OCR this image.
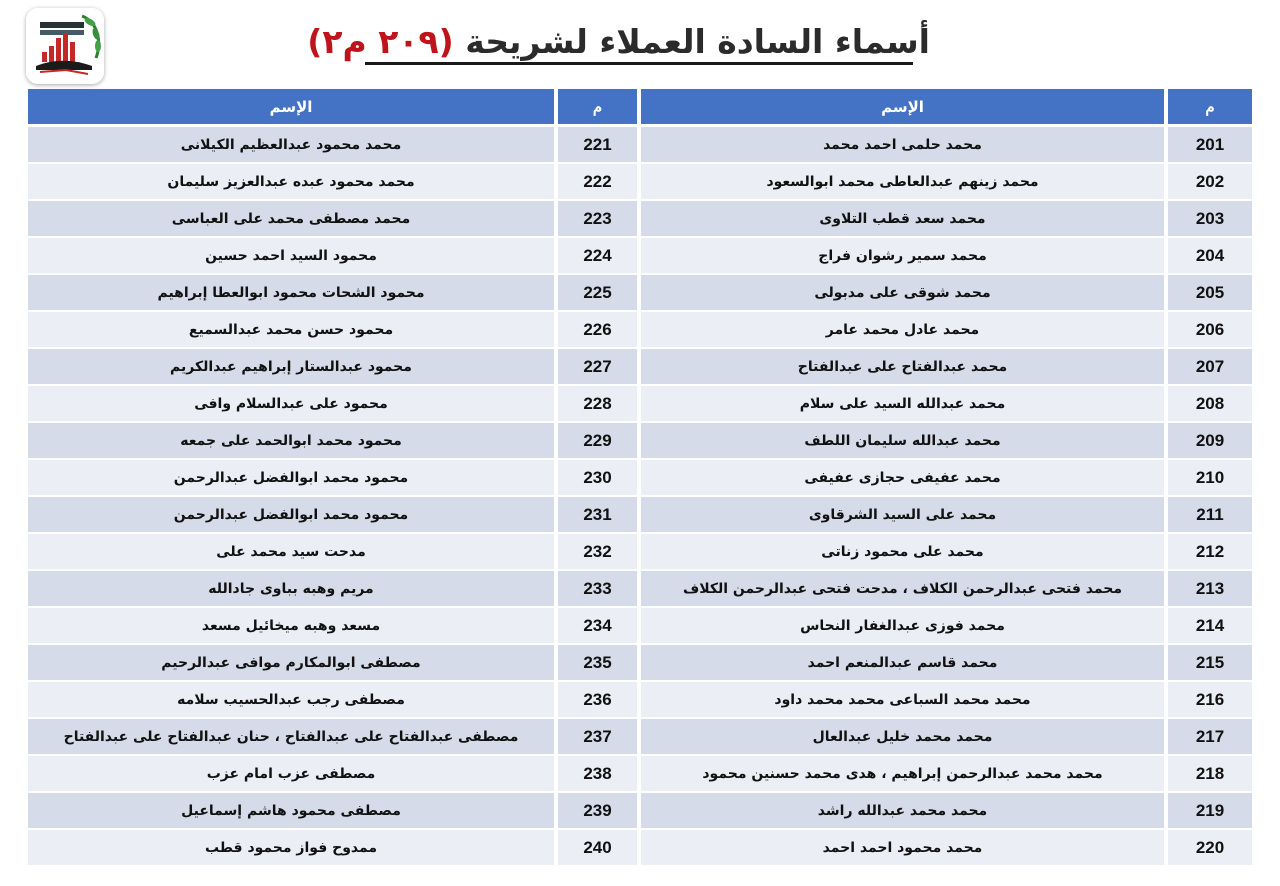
أسماء السادة العملاء لشريحة (٢٠٩ م٢)
م
الإسم
م
الإسم
201
محمد حلمى احمد محمد
221
محمد محمود عبدالعظيم الكيلانى
202
محمد زينهم عبدالعاطى محمد ابوالسعود
222
محمد محمود عبده عبدالعزيز سليمان
203
محمد سعد قطب التلاوى
223
محمد مصطفى محمد على العباسى
204
محمد سمير رشوان فراج
224
محمود السيد احمد حسين
205
محمد شوقى على مدبولى
225
محمود الشحات محمود ابوالعطا إبراهيم
206
محمد عادل محمد عامر
226
محمود حسن محمد عبدالسميع
207
محمد عبدالفتاح على عبدالفتاح
227
محمود عبدالستار إبراهيم عبدالكريم
208
محمد عبدالله السيد على سلام
228
محمود على عبدالسلام وافى
209
محمد عبدالله سليمان اللطف
229
محمود محمد ابوالحمد على جمعه
210
محمد عفيفى حجازى عفيفى
230
محمود محمد ابوالفضل عبدالرحمن
211
محمد على السيد الشرقاوى
231
محمود محمد ابوالفضل عبدالرحمن
212
محمد على محمود زناتى
232
مدحت سيد محمد على
213
محمد فتحى عبدالرحمن الكلاف ، مدحت فتحى عبدالرحمن الكلاف
233
مريم وهبه بباوى جادالله
214
محمد فوزى عبدالغفار النحاس
234
مسعد وهبه ميخائيل مسعد
215
محمد قاسم عبدالمنعم احمد
235
مصطفى ابوالمكارم موافى عبدالرحيم
216
محمد محمد السباعى محمد محمد داود
236
مصطفى رجب عبدالحسيب سلامه
217
محمد محمد خليل عبدالعال
237
مصطفى عبدالفتاح على عبدالفتاح ، حنان عبدالفتاح على عبدالفتاح
218
محمد محمد عبدالرحمن إبراهيم ، هدى محمد حسنين محمود
238
مصطفى عزب امام عزب
219
محمد محمد عبدالله راشد
239
مصطفى محمود هاشم إسماعيل
220
محمد محمود احمد احمد
240
ممدوح فواز محمود قطب
